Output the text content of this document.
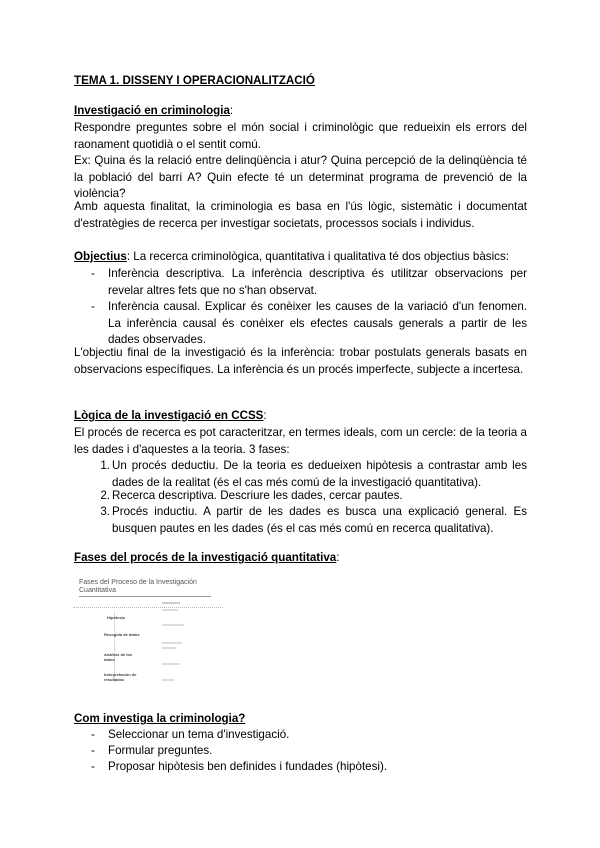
TEMA 1. DISSENY I OPERACIONALITZACIÓ
Investigació en criminologia:
Respondre preguntes sobre el món social i criminològic que redueixin els errors del raonament quotidià o el sentit comú.
Ex: Quina és la relació entre delinqüència i atur? Quina percepció de la delinqüència té la població del barri A? Quin efecte té un determinat programa de prevenció de la violència?
Amb aquesta finalitat, la criminologia es basa en l'ús lògic, sistemàtic i documentat d'estratègies de recerca per investigar societats, processos socials i individus.
Objectius: La recerca criminològica, quantitativa i qualitativa té dos objectius bàsics:
- Inferència descriptiva. La inferència descriptiva és utilitzar observacions per revelar altres fets que no s'han observat.
- Inferència causal. Explicar és conèixer les causes de la variació d'un fenomen. La inferència causal és conèixer els efectes causals generals a partir de les dades observades.
L'objectiu final de la investigació és la inferència: trobar postulats generals basats en observacions específiques. La inferència és un procés imperfecte, subjecte a incertesa.
Lògica de la investigació en CCSS:
El procés de recerca es pot caracteritzar, en termes ideals, com un cercle: de la teoria a les dades i d'aquestes a la teoria. 3 fases:
1. Un procés deductiu. De la teoria es dedueixen hipòtesis a contrastar amb les dades de la realitat (és el cas més comú de la investigació quantitativa).
2. Recerca descriptiva. Descriure les dades, cercar pautes.
3. Procés inductiu. A partir de les dades es busca una explicació general. Es busquen pautes en les dades (és el cas més comú en recerca qualitativa).
Fases del procés de la investigació quantitativa:
Fases del Proceso de la Investigación Cuantitativa
Hipótesis
Recogida de datos
Análisis de los datos
Interpretación de resultados
Com investiga la criminologia?
- Seleccionar un tema d'investigació.
- Formular preguntes.
- Proposar hipòtesis ben definides i fundades (hipòtesi).
